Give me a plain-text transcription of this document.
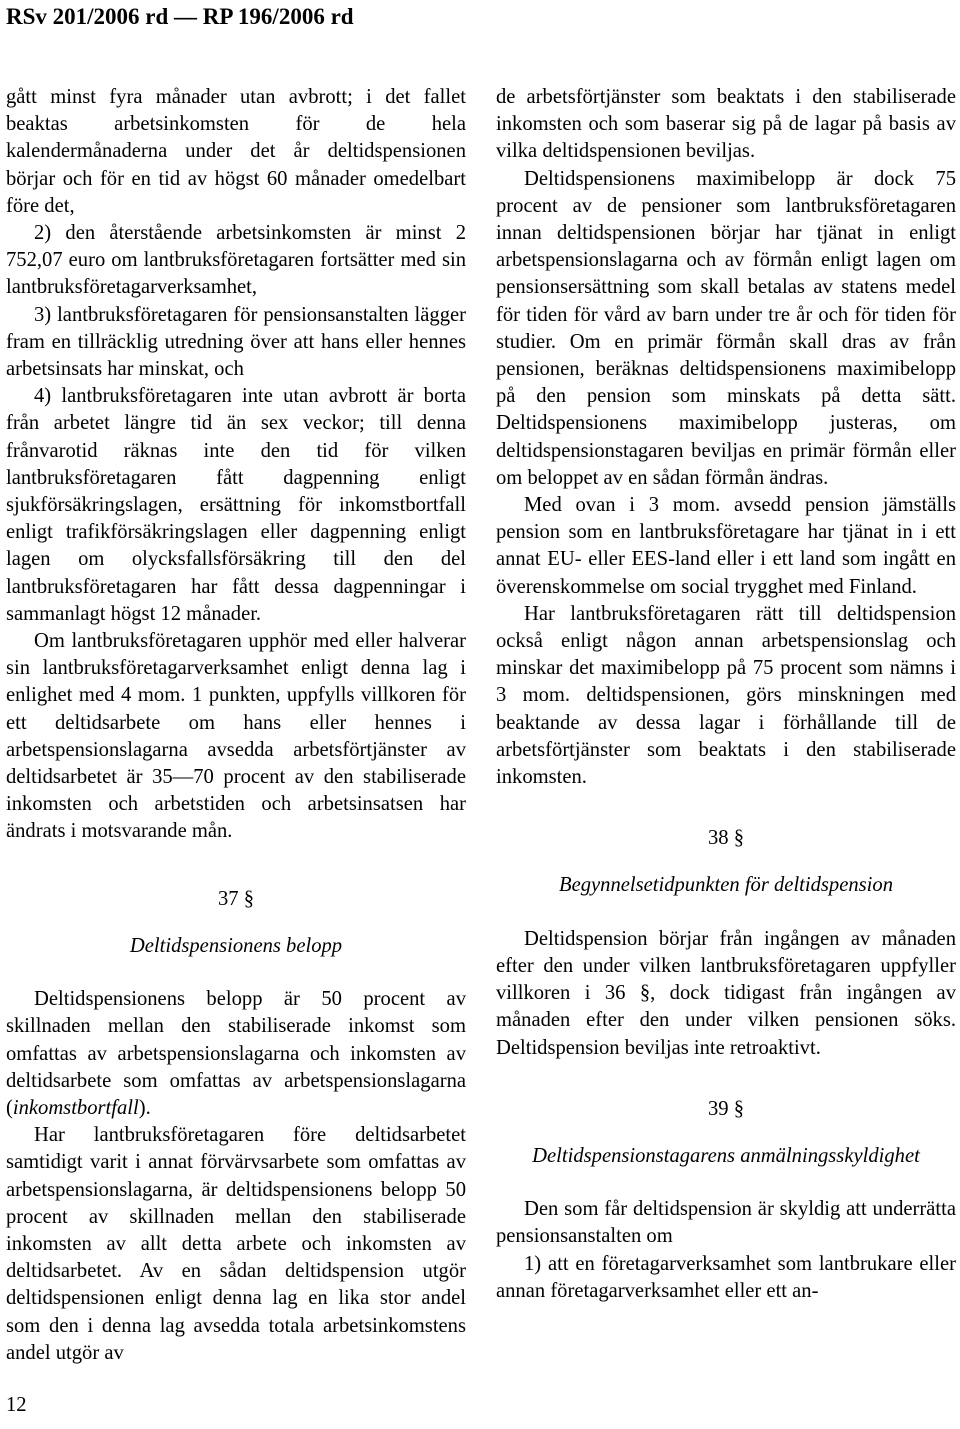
RSv 201/2006 rd — RP 196/2006 rd

gått minst fyra månader utan avbrott; i det fallet beaktas arbetsinkomsten för de hela kalendermånaderna under det år deltidspensionen börjar och för en tid av högst 60 månader omedelbart före det,

2) den återstående arbetsinkomsten är minst 2 752,07 euro om lantbruksföretagaren fortsätter med sin lantbruksföretagarverksamhet,

3) lantbruksföretagaren för pensionsanstalten lägger fram en tillräcklig utredning över att hans eller hennes arbetsinsats har minskat, och

4) lantbruksföretagaren inte utan avbrott är borta från arbetet längre tid än sex veckor; till denna frånvarotid räknas inte den tid för vilken lantbruksföretagaren fått dagpenning enligt sjukförsäkringslagen, ersättning för inkomstbortfall enligt trafikförsäkringslagen eller dagpenning enligt lagen om olycksfallsförsäkring till den del lantbruksföretagaren har fått dessa dagpenningar i sammanlagt högst 12 månader.

Om lantbruksföretagaren upphör med eller halverar sin lantbruksföretagarverksamhet enligt denna lag i enlighet med 4 mom. 1 punkten, uppfylls villkoren för ett deltidsarbete om hans eller hennes i arbetspensionslagarna avsedda arbetsförtjänster av deltidsarbetet är 35—70 procent av den stabiliserade inkomsten och arbetstiden och arbetsinsatsen har ändrats i motsvarande mån.

37 §

Deltidspensionens belopp

Deltidspensionens belopp är 50 procent av skillnaden mellan den stabiliserade inkomst som omfattas av arbetspensionslagarna och inkomsten av deltidsarbete som omfattas av arbetspensionslagarna (inkomstbortfall).

Har lantbruksföretagaren före deltidsarbetet samtidigt varit i annat förvärvsarbete som omfattas av arbetspensionslagarna, är deltidspensionens belopp 50 procent av skillnaden mellan den stabiliserade inkomsten av allt detta arbete och inkomsten av deltidsarbetet. Av en sådan deltidspension utgör deltidspensionen enligt denna lag en lika stor andel som den i denna lag avsedda totala arbetsinkomstens andel utgör av

de arbetsförtjänster som beaktats i den stabiliserade inkomsten och som baserar sig på de lagar på basis av vilka deltidspensionen beviljas.

Deltidspensionens maximibelopp är dock 75 procent av de pensioner som lantbruksföretagaren innan deltidspensionen börjar har tjänat in enligt arbetspensionslagarna och av förmån enligt lagen om pensionsersättning som skall betalas av statens medel för tiden för vård av barn under tre år och för tiden för studier. Om en primär förmån skall dras av från pensionen, beräknas deltidspensionens maximibelopp på den pension som minskats på detta sätt. Deltidspensionens maximibelopp justeras, om deltidspensionstagaren beviljas en primär förmån eller om beloppet av en sådan förmån ändras.

Med ovan i 3 mom. avsedd pension jämställs pension som en lantbruksföretagare har tjänat in i ett annat EU- eller EES-land eller i ett land som ingått en överenskommelse om social trygghet med Finland.

Har lantbruksföretagaren rätt till deltidspension också enligt någon annan arbetspensionslag och minskar det maximibelopp på 75 procent som nämns i 3 mom. deltidspensionen, görs minskningen med beaktande av dessa lagar i förhållande till de arbetsförtjänster som beaktats i den stabiliserade inkomsten.

38 §

Begynnelsetidpunkten för deltidspension

Deltidspension börjar från ingången av månaden efter den under vilken lantbruksföretagaren uppfyller villkoren i 36 §, dock tidigast från ingången av månaden efter den under vilken pensionen söks. Deltidspension beviljas inte retroaktivt.

39 §

Deltidspensionstagarens anmälningsskyldighet

Den som får deltidspension är skyldig att underrätta pensionsanstalten om

1) att en företagarverksamhet som lantbrukare eller annan företagarverksamhet eller ett an-

12
